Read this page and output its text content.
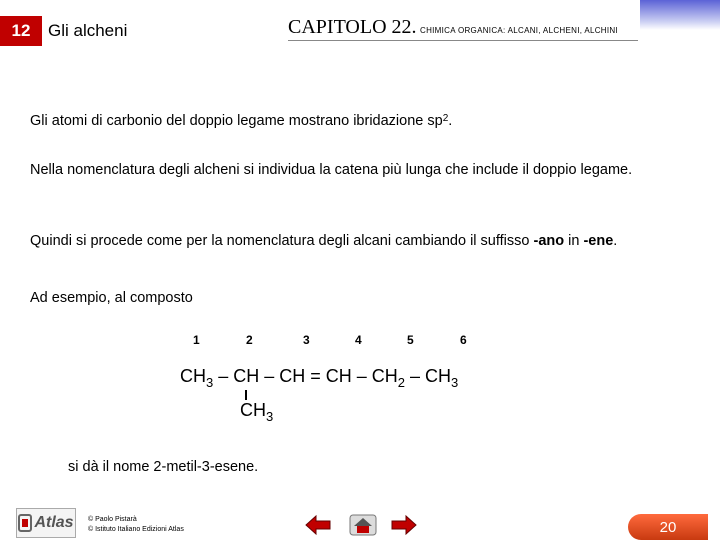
12	Gli alcheni	CAPITOLO 22. CHIMICA ORGANICA: ALCANI, ALCHENI, ALCHINI
Gli atomi di carbonio del doppio legame mostrano ibridazione $sp^2$.
Nella nomenclatura degli alcheni si individua la catena più lunga che include il doppio legame.
Quindi si procede come per la nomenclatura degli alcani cambiando il suffisso -ano in -ene.
Ad esempio, al composto
1	2	3	4	5	6
$CH_3$ – CH – CH = CH – $CH_2 - CH_3$
$CH_3$
si dà il nome 2-metil-3-esene.
Atlas © Paolo Pistarà
© Istituto Italiano Edizioni Atlas	20
